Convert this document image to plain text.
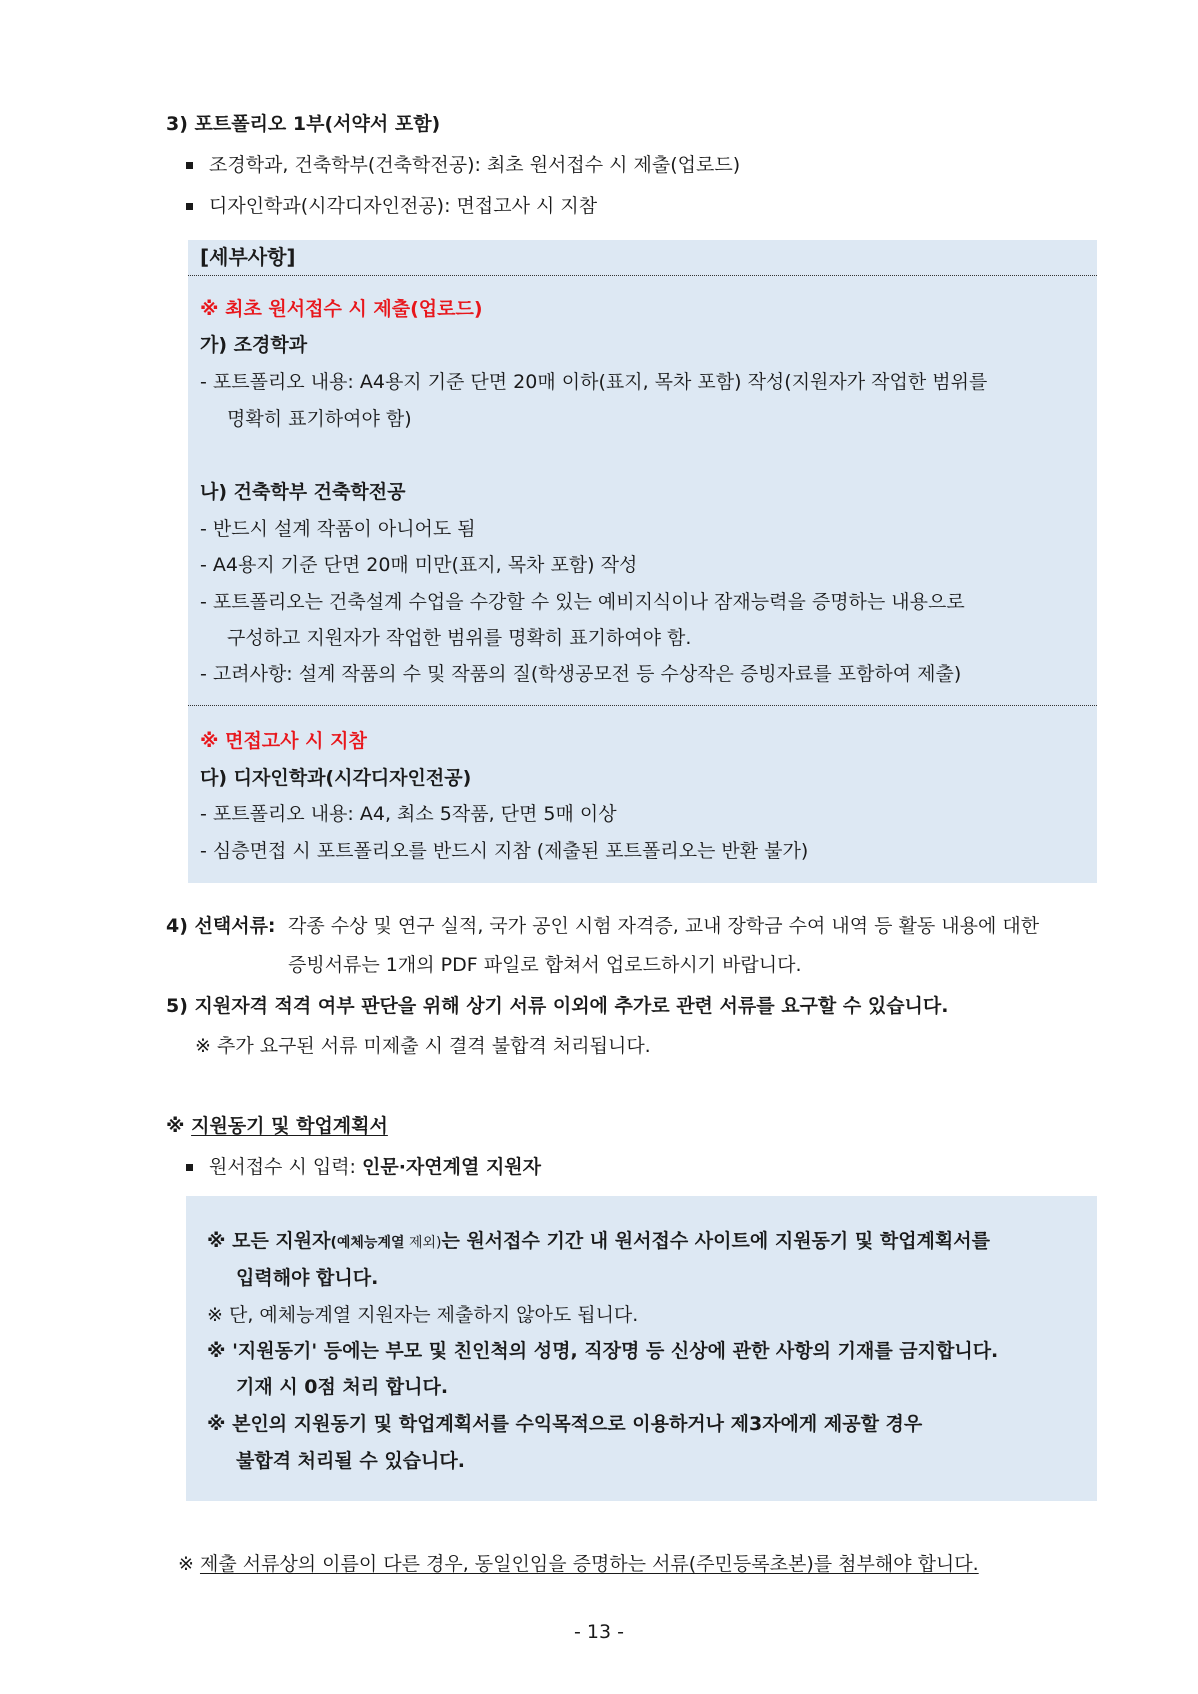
3) 포트폴리오 1부(서약서 포함)
조경학과, 건축학부(건축학전공): 최초 원서접수 시 제출(업로드)
디자인학과(시각디자인전공): 면접고사 시 지참
[세부사항]
※ 최초 원서접수 시 제출(업로드)
가) 조경학과
- 포트폴리오 내용: A4용지 기준 단면 20매 이하(표지, 목차 포함) 작성(지원자가 작업한 범위를
명확히 표기하여야 함)
나) 건축학부 건축학전공
- 반드시 설계 작품이 아니어도 됨
- A4용지 기준 단면 20매 미만(표지, 목차 포함) 작성
- 포트폴리오는 건축설계 수업을 수강할 수 있는 예비지식이나 잠재능력을 증명하는 내용으로
구성하고 지원자가 작업한 범위를 명확히 표기하여야 함.
- 고려사항: 설계 작품의 수 및 작품의 질(학생공모전 등 수상작은 증빙자료를 포함하여 제출)
※ 면접고사 시 지참
다) 디자인학과(시각디자인전공)
- 포트폴리오 내용: A4, 최소 5작품, 단면 5매 이상
- 심층면접 시 포트폴리오를 반드시 지참 (제출된 포트폴리오는 반환 불가)
4) 선택서류: 각종 수상 및 연구 실적, 국가 공인 시험 자격증, 교내 장학금 수여 내역 등 활동 내용에 대한
증빙서류는 1개의 PDF 파일로 합쳐서 업로드하시기 바랍니다.
5) 지원자격 적격 여부 판단을 위해 상기 서류 이외에 추가로 관련 서류를 요구할 수 있습니다.
※ 추가 요구된 서류 미제출 시 결격 불합격 처리됩니다.
※ 지원동기 및 학업계획서
원서접수 시 입력: 인문·자연계열 지원자
※ 모든 지원자(예체능계열 제외)는 원서접수 기간 내 원서접수 사이트에 지원동기 및 학업계획서를
입력해야 합니다.
※ 단, 예체능계열 지원자는 제출하지 않아도 됩니다.
※ '지원동기' 등에는 부모 및 친인척의 성명, 직장명 등 신상에 관한 사항의 기재를 금지합니다.
기재 시 0점 처리 합니다.
※ 본인의 지원동기 및 학업계획서를 수익목적으로 이용하거나 제3자에게 제공할 경우
불합격 처리될 수 있습니다.
※ 제출 서류상의 이름이 다른 경우, 동일인임을 증명하는 서류(주민등록초본)를 첨부해야 합니다.
- 13 -
